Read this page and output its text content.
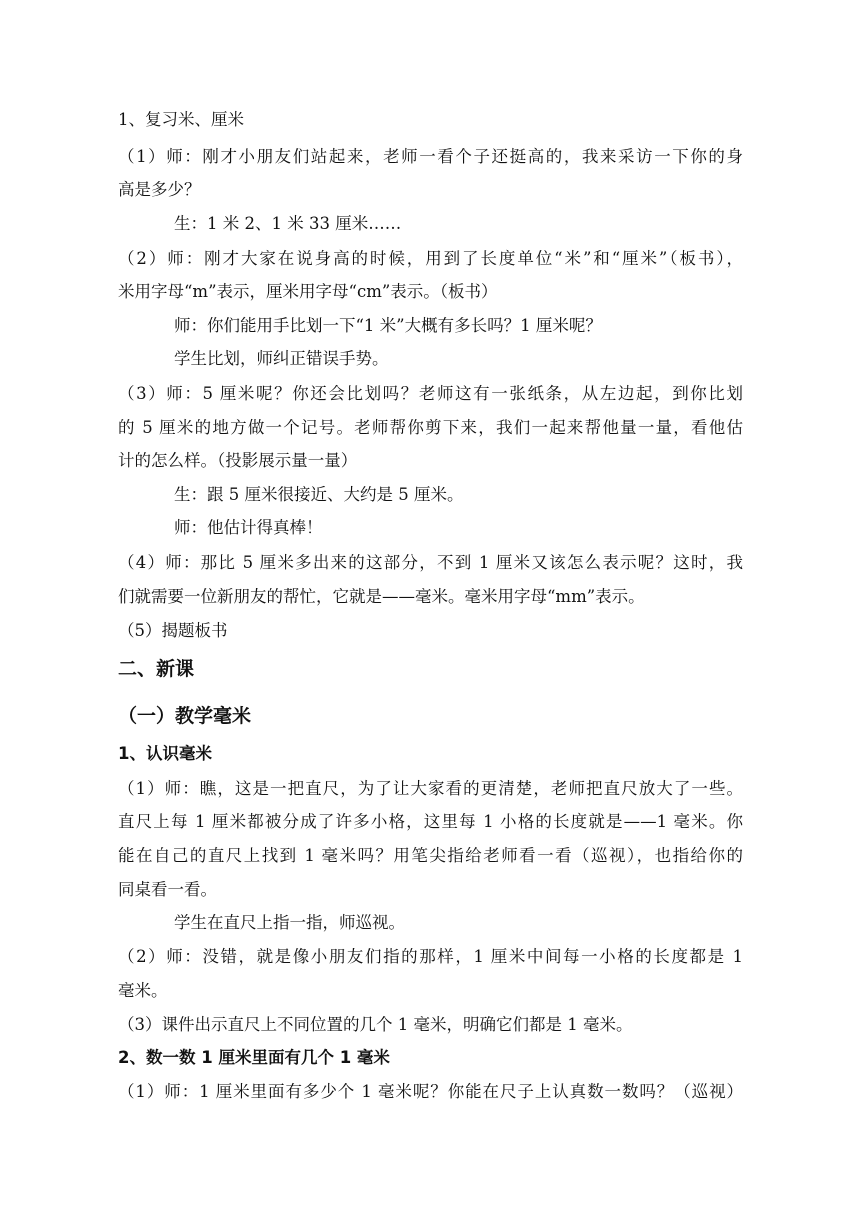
1、复习米、厘米
（1）师：刚才小朋友们站起来，老师一看个子还挺高的，我来采访一下你的身
高是多少？
生：1 米 2、1 米 33 厘米……
（2）师：刚才大家在说身高的时候，用到了长度单位“米”和“厘米”（板书），
米用字母“m”表示，厘米用字母“cm”表示。（板书）
师：你们能用手比划一下“1 米”大概有多长吗？1 厘米呢？
学生比划，师纠正错误手势。
（3）师：5 厘米呢？你还会比划吗？老师这有一张纸条，从左边起，到你比划
的 5 厘米的地方做一个记号。老师帮你剪下来，我们一起来帮他量一量，看他估
计的怎么样。（投影展示量一量）
生：跟 5 厘米很接近、大约是 5 厘米。
师：他估计得真棒！
（4）师：那比 5 厘米多出来的这部分，不到 1 厘米又该怎么表示呢？这时，我
们就需要一位新朋友的帮忙，它就是——毫米。毫米用字母“mm”表示。
（5）揭题板书
二、新课
（一）教学毫米
1、认识毫米
（1）师：瞧，这是一把直尺，为了让大家看的更清楚，老师把直尺放大了一些。
直尺上每 1 厘米都被分成了许多小格，这里每 1 小格的长度就是——1 毫米。你
能在自己的直尺上找到 1 毫米吗？用笔尖指给老师看一看（巡视），也指给你的
同桌看一看。
学生在直尺上指一指，师巡视。
（2）师：没错，就是像小朋友们指的那样，1 厘米中间每一小格的长度都是 1
毫米。
（3）课件出示直尺上不同位置的几个 1 毫米，明确它们都是 1 毫米。
2、数一数 1 厘米里面有几个 1 毫米
（1）师：1 厘米里面有多少个 1 毫米呢？你能在尺子上认真数一数吗？（巡视）
